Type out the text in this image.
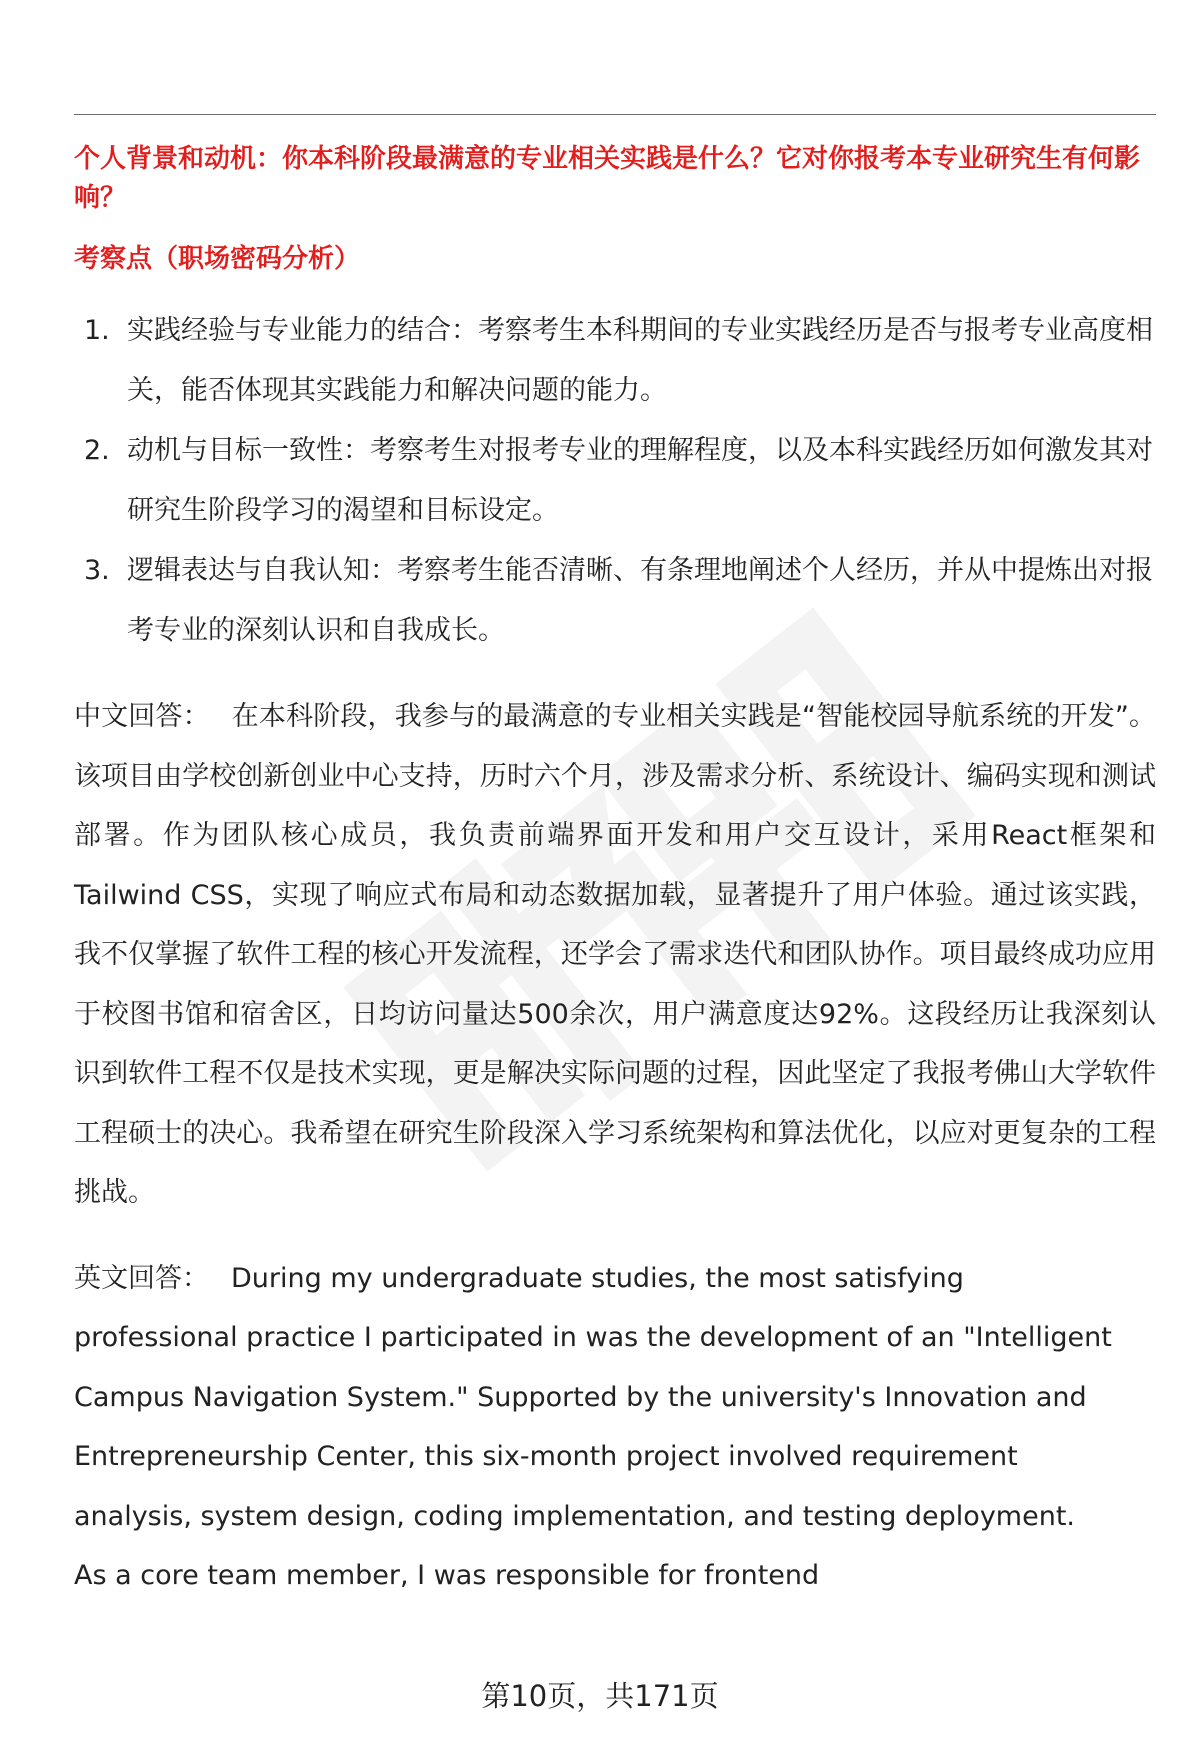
个人背景和动机：你本科阶段最满意的专业相关实践是什么？它对你报考本专业研究生有何影响？

考察点（职场密码分析）

1. 实践经验与专业能力的结合：考察考生本科期间的专业实践经历是否与报考专业高度相关，能否体现其实践能力和解决问题的能力。
2. 动机与目标一致性：考察考生对报考专业的理解程度，以及本科实践经历如何激发其对研究生阶段学习的渴望和目标设定。
3. 逻辑表达与自我认知：考察考生能否清晰、有条理地阐述个人经历，并从中提炼出对报考专业的深刻认识和自我成长。

中文回答： 在本科阶段，我参与的最满意的专业相关实践是“智能校园导航系统的开发”。该项目由学校创新创业中心支持，历时六个月，涉及需求分析、系统设计、编码实现和测试部署。作为团队核心成员，我负责前端界面开发和用户交互设计，采用React框架和Tailwind CSS，实现了响应式布局和动态数据加载，显著提升了用户体验。通过该实践，我不仅掌握了软件工程的核心开发流程，还学会了需求迭代和团队协作。项目最终成功应用于校图书馆和宿舍区，日均访问量达500余次，用户满意度达92%。这段经历让我深刻认识到软件工程不仅是技术实现，更是解决实际问题的过程，因此坚定了我报考佛山大学软件工程硕士的决心。我希望在研究生阶段深入学习系统架构和算法优化，以应对更复杂的工程挑战。

英文回答： During my undergraduate studies, the most satisfying professional practice I participated in was the development of an "Intelligent Campus Navigation System." Supported by the university's Innovation and Entrepreneurship Center, this six-month project involved requirement analysis, system design, coding implementation, and testing deployment. As a core team member, I was responsible for frontend

第10页，共171页
